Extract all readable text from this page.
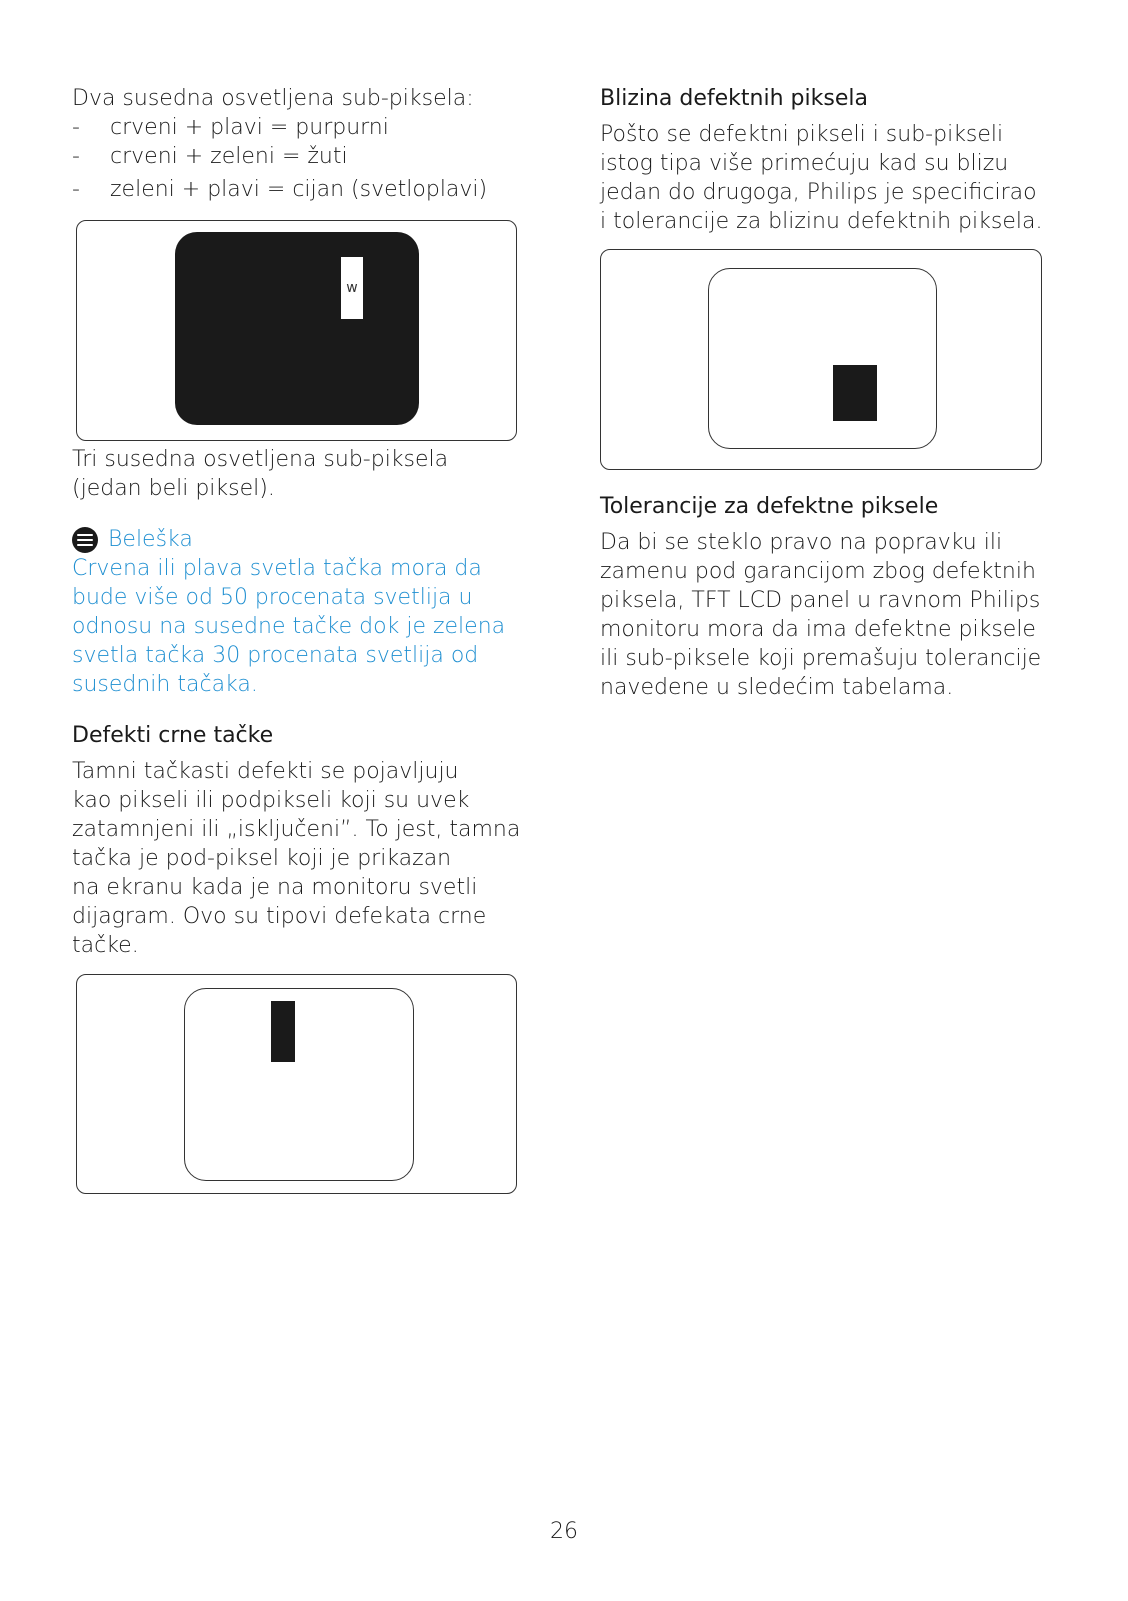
Dva susedna osvetljena sub-piksela:

- crveni + plavi = purpurni
- crveni + zeleni = žuti
- zeleni + plavi = cijan (svetloplavi)
w

Tri susedna osvetljena sub-piksela
(jedan beli piksel).

Beleška
Crvena ili plava svetla tačka mora da
bude više od 50 procenata svetlija u
odnosu na susedne tačke dok je zelena
svetla tačka 30 procenata svetlija od
susednih tačaka.
Defekti crne tačke
Tamni tačkasti defekti se pojavljuju
kao pikseli ili podpikseli koji su uvek
zatamnjeni ili „isključeni”. To jest, tamna
tačka je pod-piksel koji je prikazan
na ekranu kada je na monitoru svetli
dijagram. Ovo su tipovi defekata crne
tačke.
Blizina defektnih piksela
Pošto se defektni pikseli i sub-pikseli
istog tipa više primećuju kad su blizu
jedan do drugoga, Philips je specificirao
i tolerancije za blizinu defektnih piksela.
Tolerancije za defektne piksele
Da bi se steklo pravo na popravku ili
zamenu pod garancijom zbog defektnih
piksela, TFT LCD panel u ravnom Philips
monitoru mora da ima defektne piksele
ili sub-piksele koji premašuju tolerancije
navedene u sledećim tabelama.
26
